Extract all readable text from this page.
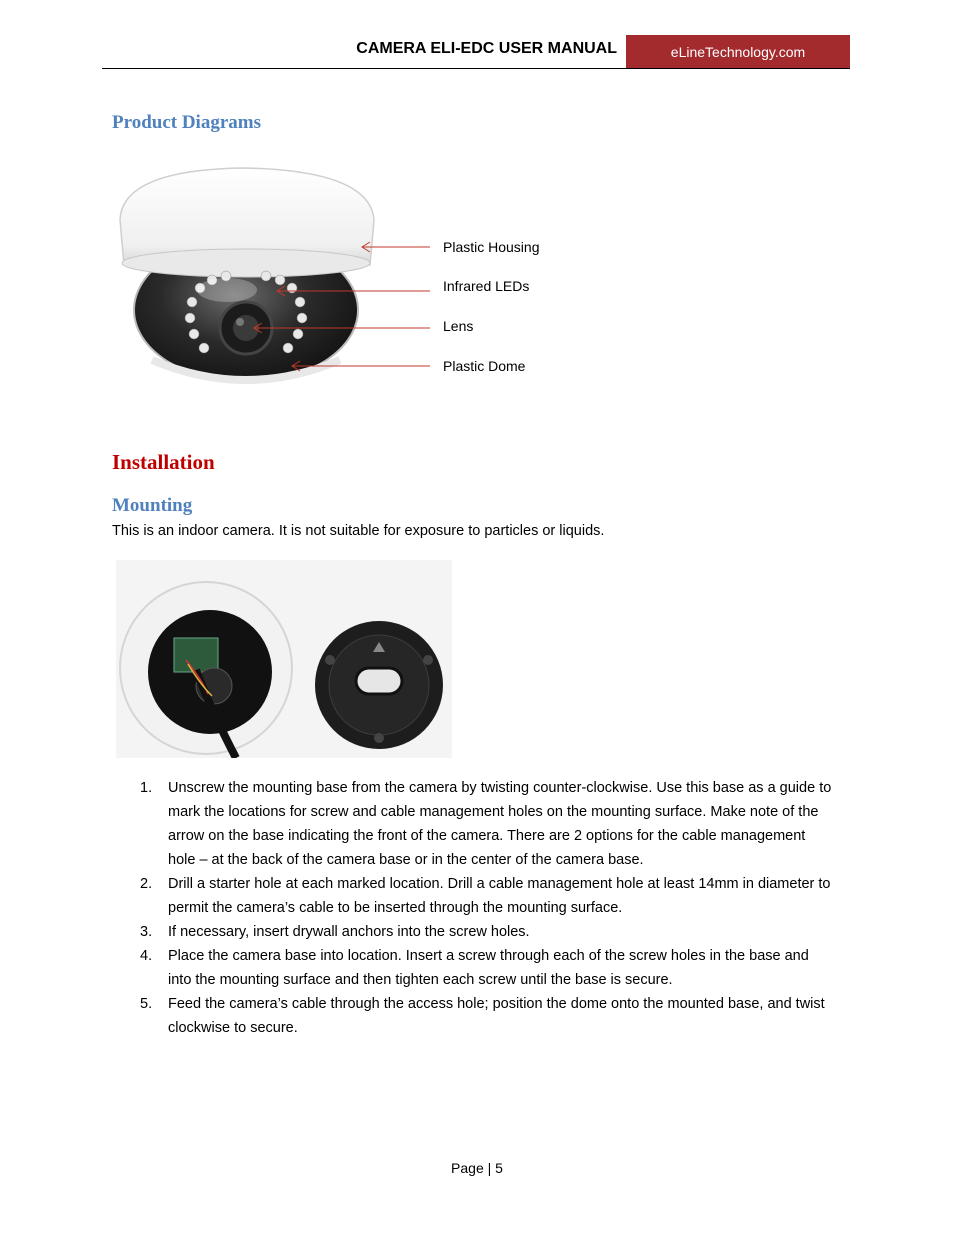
CAMERA ELI-EDC USER MANUAL	eLineTechnology.com
Product Diagrams
Plastic Housing
Infrared LEDs
Lens
Plastic Dome
Installation
Mounting
This is an indoor camera. It is not suitable for exposure to particles or liquids.
1. Unscrew the mounting base from the camera by twisting counter-clockwise. Use this base as a guide to mark the locations for screw and cable management holes on the mounting surface. Make note of the arrow on the base indicating the front of the camera. There are 2 options for the cable management hole – at the back of the camera base or in the center of the camera base.
2. Drill a starter hole at each marked location. Drill a cable management hole at least 14mm in diameter to permit the camera’s cable to be inserted through the mounting surface.
3. If necessary, insert drywall anchors into the screw holes.
4. Place the camera base into location. Insert a screw through each of the screw holes in the base and into the mounting surface and then tighten each screw until the base is secure.
5. Feed the camera’s cable through the access hole; position the dome onto the mounted base, and twist clockwise to secure.
Page | 5
